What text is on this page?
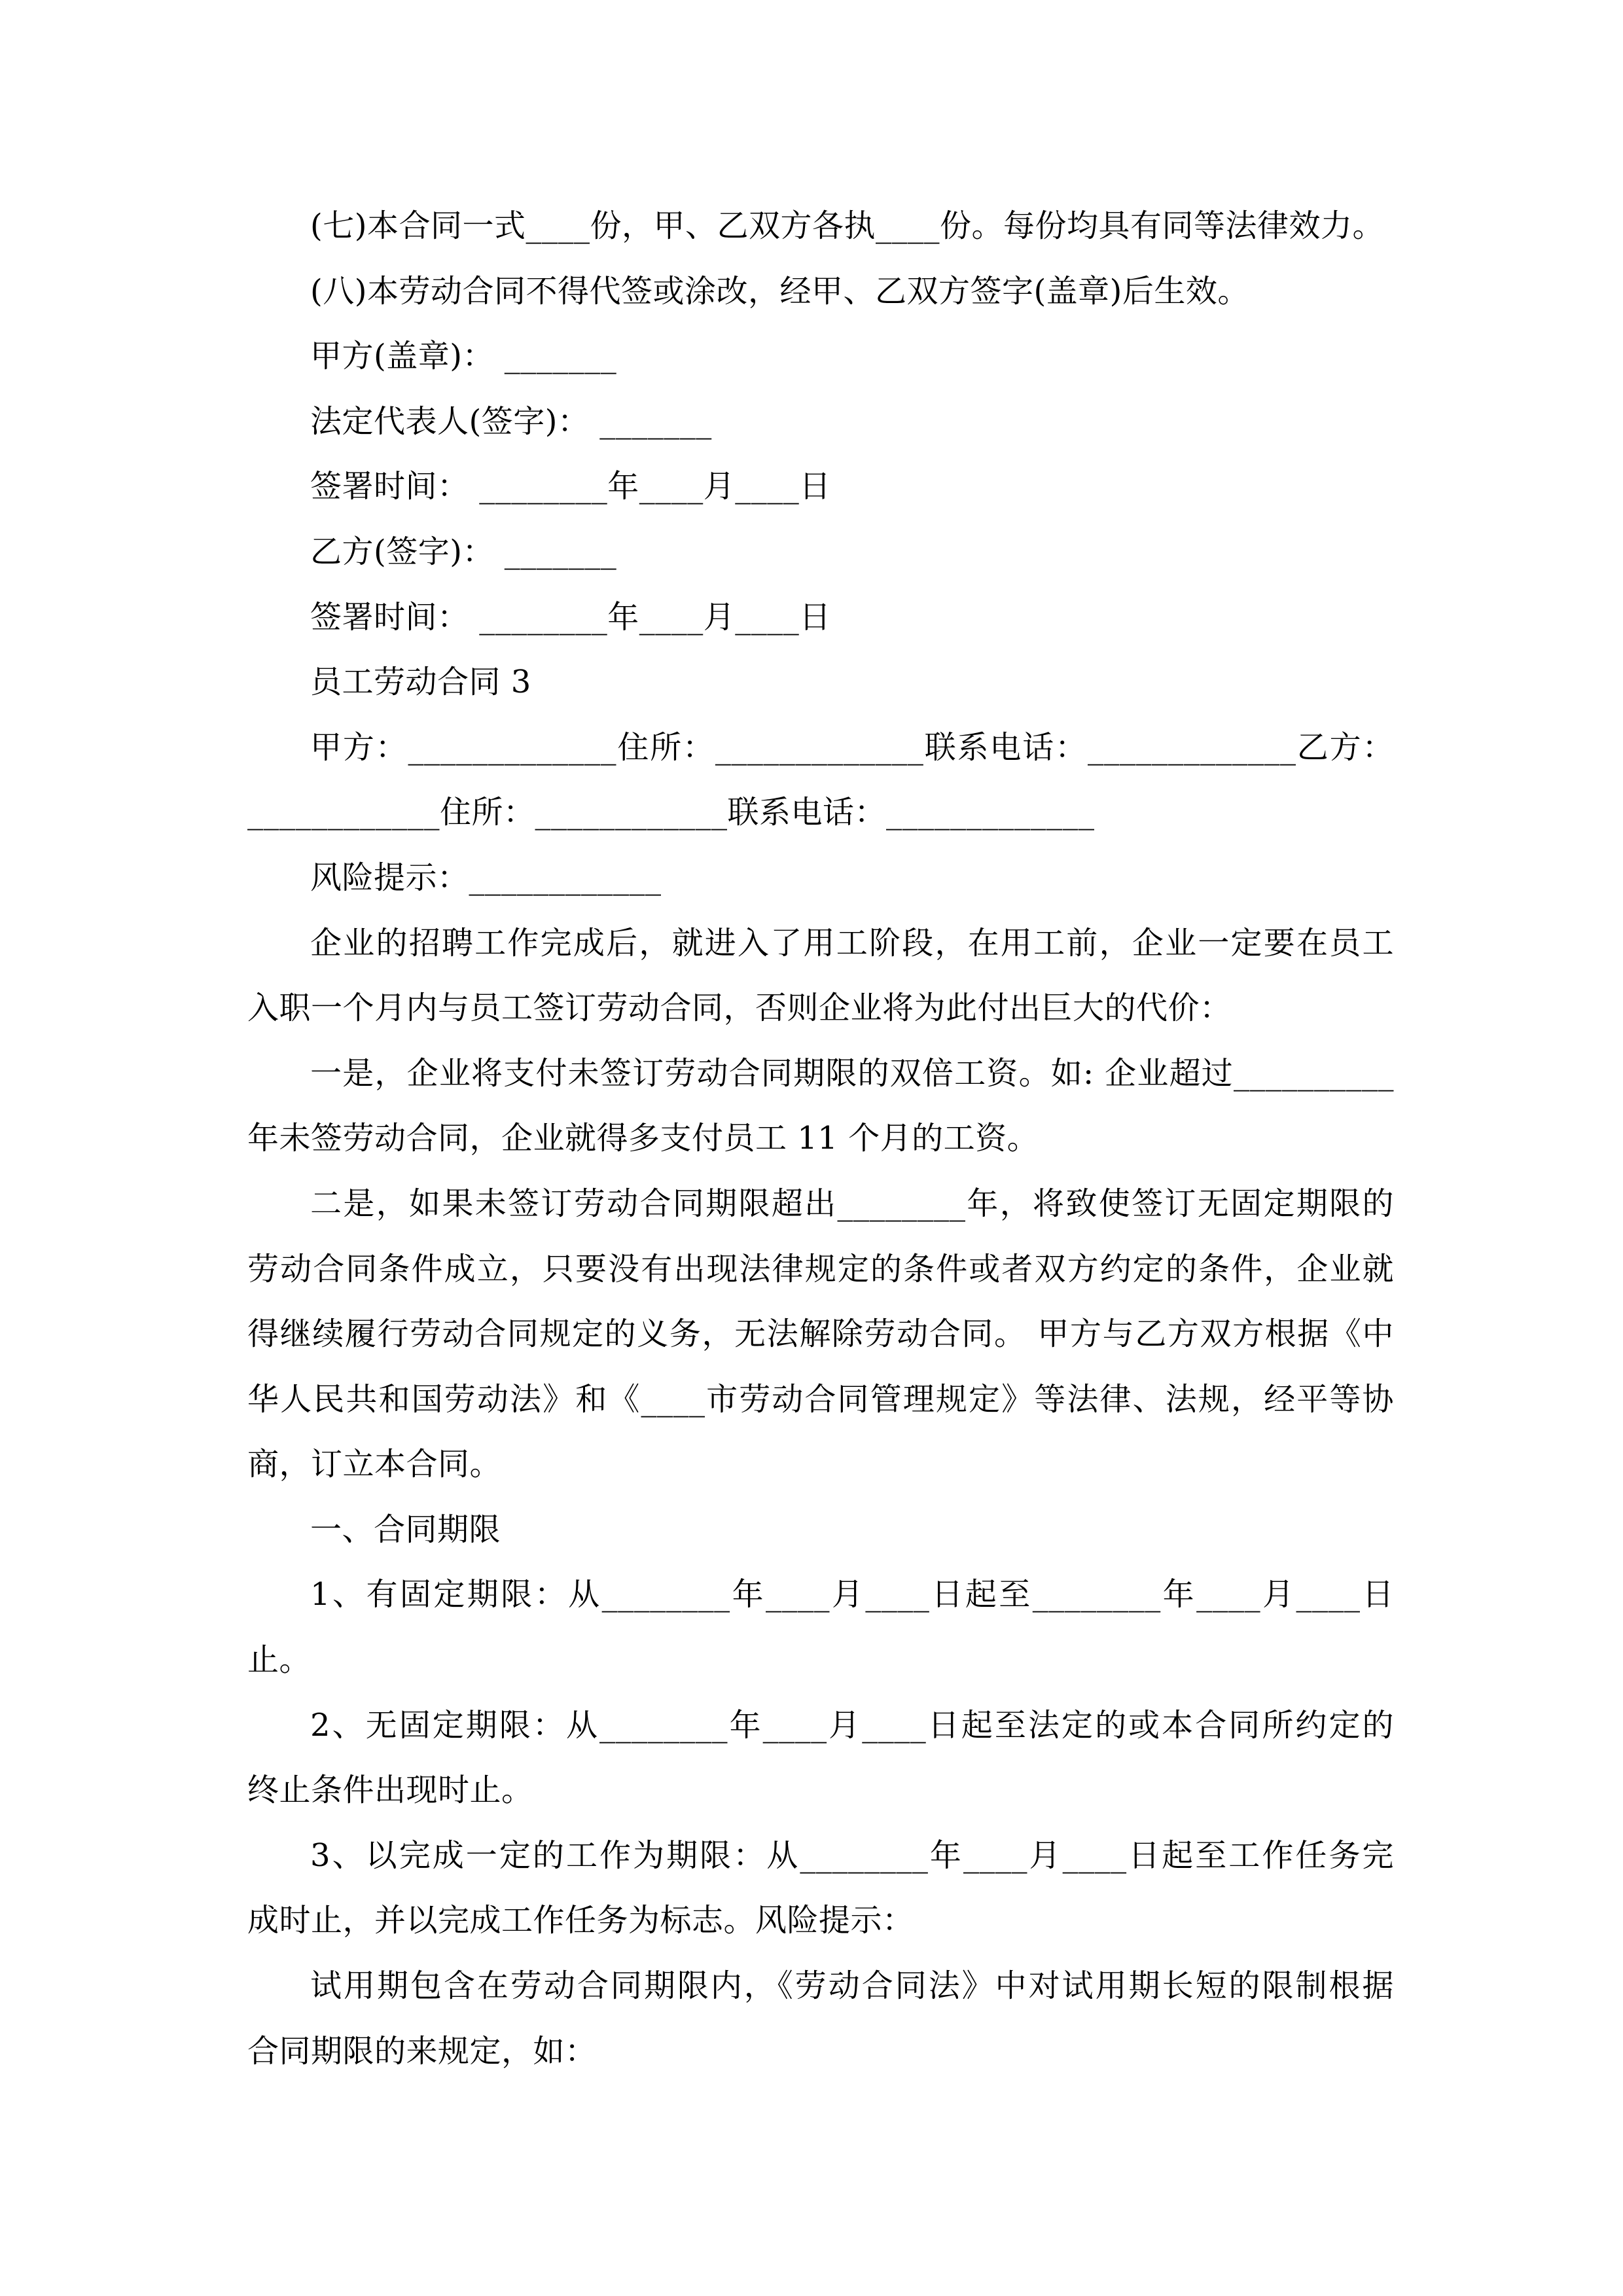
(七)本合同一式____份，甲、乙双方各执____份。每份均具有同等法律效力。
(八)本劳动合同不得代签或涂改，经甲、乙双方签字(盖章)后生效。
甲方(盖章)： _______
法定代表人(签字)： _______
签署时间： ________年____月____日
乙方(签字)： _______
签署时间： ________年____月____日
员工劳动合同 3
甲方：_____________住所：_____________联系电话：_____________乙方：
____________住所：____________联系电话：_____________
风险提示：____________
企业的招聘工作完成后，就进入了用工阶段，在用工前，企业一定要在员工
入职一个月内与员工签订劳动合同，否则企业将为此付出巨大的代价：
一是，企业将支付未签订劳动合同期限的双倍工资。如: 企业超过__________
年未签劳动合同，企业就得多支付员工 11 个月的工资。
二是，如果未签订劳动合同期限超出________年，将致使签订无固定期限的
劳动合同条件成立，只要没有出现法律规定的条件或者双方约定的条件，企业就
得继续履行劳动合同规定的义务，无法解除劳动合同。 甲方与乙方双方根据《中
华人民共和国劳动法》和《____市劳动合同管理规定》等法律、法规，经平等协
商，订立本合同。
一、合同期限
1、有固定期限：从________年____月____日起至________年____月____日
止。
2、无固定期限：从________年____月____日起至法定的或本合同所约定的
终止条件出现时止。
3、以完成一定的工作为期限：从________年____月____日起至工作任务完
成时止，并以完成工作任务为标志。风险提示：
试用期包含在劳动合同期限内，《劳动合同法》中对试用期长短的限制根据
合同期限的来规定，如：
